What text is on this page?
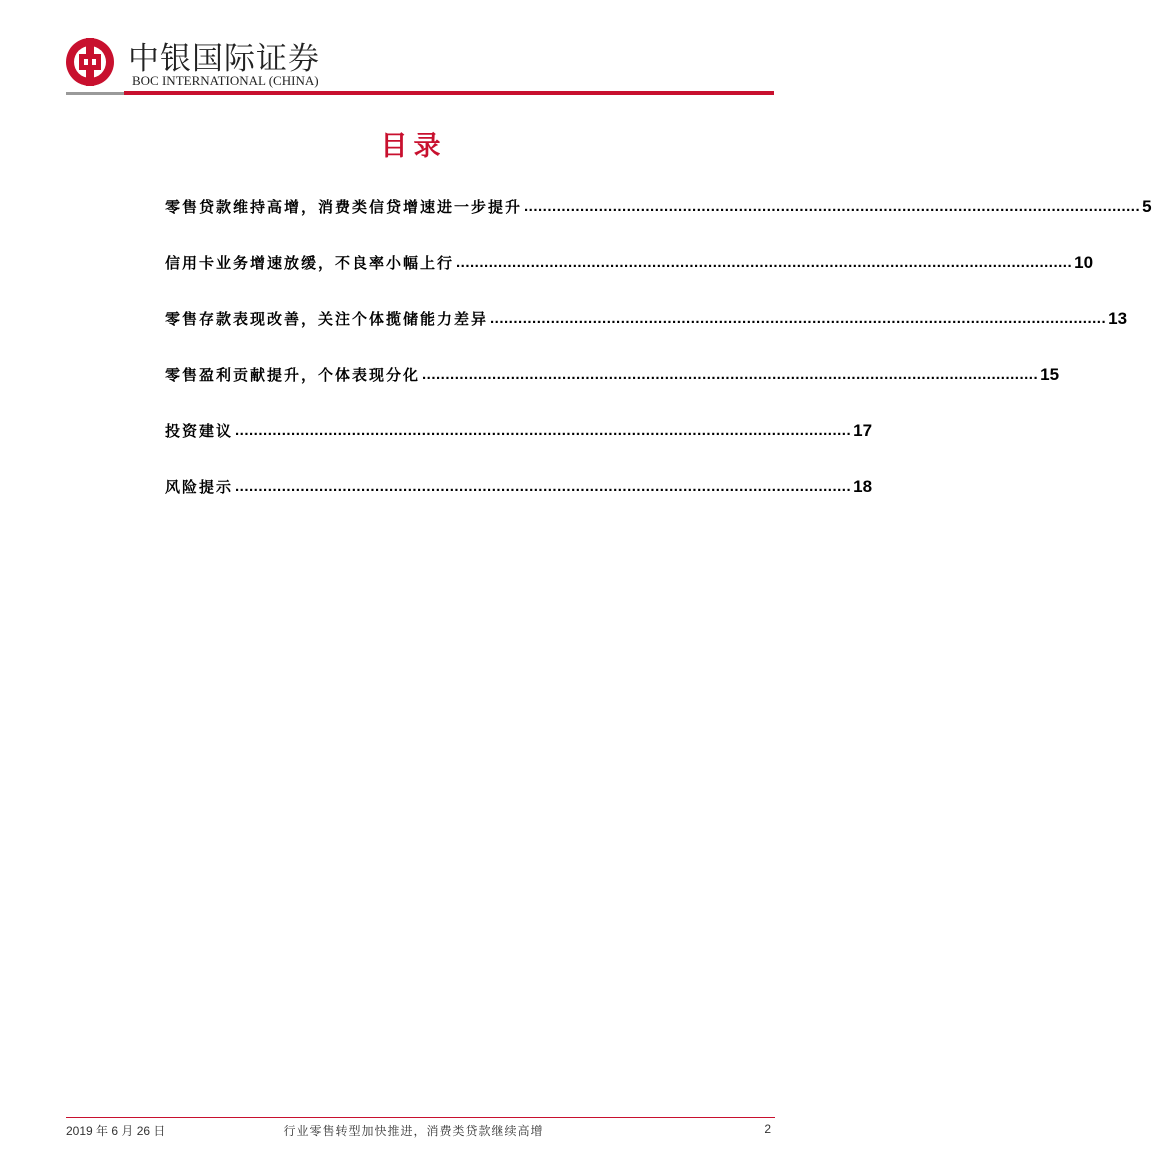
中银国际证券
BOC INTERNATIONAL (CHINA)
目录
零售贷款维持高增，消费类信贷增速进一步提升 .................................................................................................................................... 5
信用卡业务增速放缓，不良率小幅上行 .................................................................................................................................... 10
零售存款表现改善，关注个体揽储能力差异 .................................................................................................................................... 13
零售盈利贡献提升，个体表现分化 .................................................................................................................................... 15
投资建议 .................................................................................................................................... 17
风险提示 .................................................................................................................................... 18
2019 年 6 月 26 日	行业零售转型加快推进，消费类贷款继续高增	2
